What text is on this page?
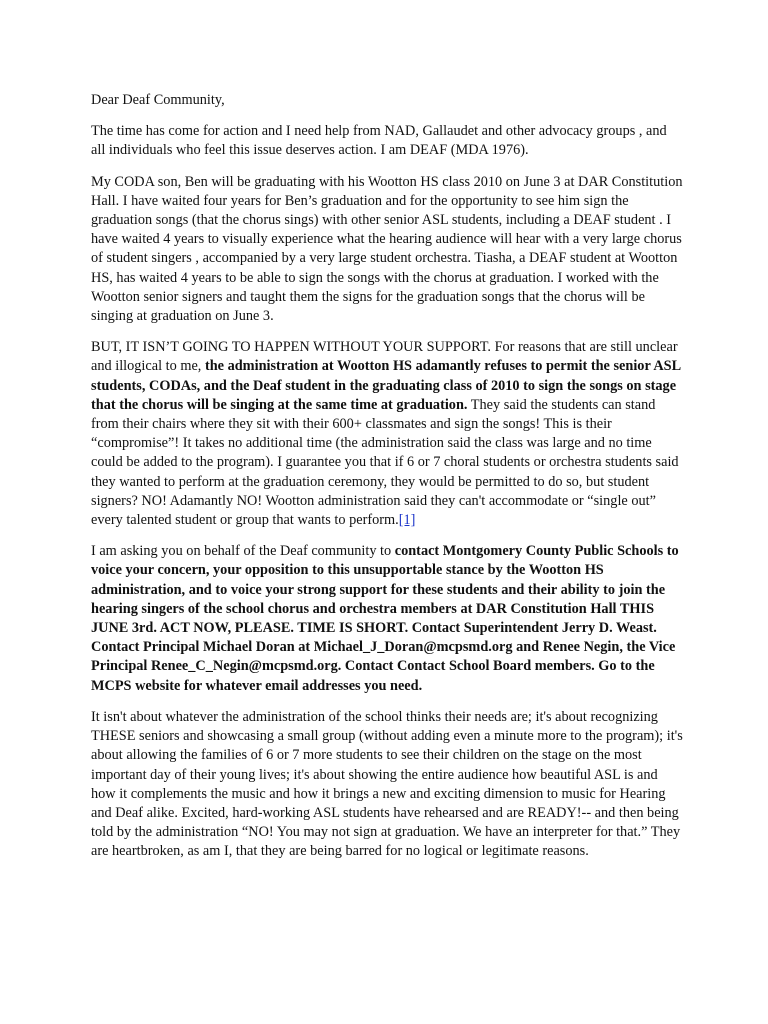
Dear Deaf Community,

The time has come for action and I need help from NAD, Gallaudet and other advocacy groups , and all individuals who feel this issue deserves action. I am DEAF (MDA 1976).

My CODA son, Ben will be graduating with his Wootton HS class 2010 on June 3 at DAR Constitution Hall. I have waited four years for Ben’s graduation and for the opportunity to see him sign the graduation songs (that the chorus sings) with other senior ASL students, including a DEAF student . I have waited 4 years to visually experience what the hearing audience will hear with a very large chorus of student singers , accompanied by a very large student orchestra. Tiasha, a DEAF student at Wootton HS, has waited 4 years to be able to sign the songs with the chorus at graduation. I worked with the Wootton senior signers and taught them the signs for the graduation songs that the chorus will be singing at graduation on June 3.

BUT, IT ISN’T GOING TO HAPPEN WITHOUT YOUR SUPPORT. For reasons that are still unclear and illogical to me, the administration at Wootton HS adamantly refuses to permit the senior ASL students, CODAs, and the Deaf student in the graduating class of 2010 to sign the songs on stage that the chorus will be singing at the same time at graduation. They said the students can stand from their chairs where they sit with their 600+ classmates and sign the songs! This is their “compromise”! It takes no additional time (the administration said the class was large and no time could be added to the program). I guarantee you that if 6 or 7 choral students or orchestra students said they wanted to perform at the graduation ceremony, they would be permitted to do so, but student signers? NO! Adamantly NO! Wootton administration said they can't accommodate or “single out” every talented student or group that wants to perform.[1]

I am asking you on behalf of the Deaf community to contact Montgomery County Public Schools to voice your concern, your opposition to this unsupportable stance by the Wootton HS administration, and to voice your strong support for these students and their ability to join the hearing singers of the school chorus and orchestra members at DAR Constitution Hall THIS JUNE 3rd. ACT NOW, PLEASE. TIME IS SHORT. Contact Superintendent Jerry D. Weast. Contact Principal Michael Doran at Michael_J_Doran@mcpsmd.org and Renee Negin, the Vice Principal Renee_C_Negin@mcpsmd.org. Contact Contact School Board members. Go to the MCPS website for whatever email addresses you need.

It isn't about whatever the administration of the school thinks their needs are; it's about recognizing THESE seniors and showcasing a small group (without adding even a minute more to the program); it's about allowing the families of 6 or 7 more students to see their children on the stage on the most important day of their young lives; it's about showing the entire audience how beautiful ASL is and how it complements the music and how it brings a new and exciting dimension to music for Hearing and Deaf alike. Excited, hard-working ASL students have rehearsed and are READY!-- and then being told by the administration “NO! You may not sign at graduation. We have an interpreter for that.” They are heartbroken, as am I, that they are being barred for no logical or legitimate reasons.
